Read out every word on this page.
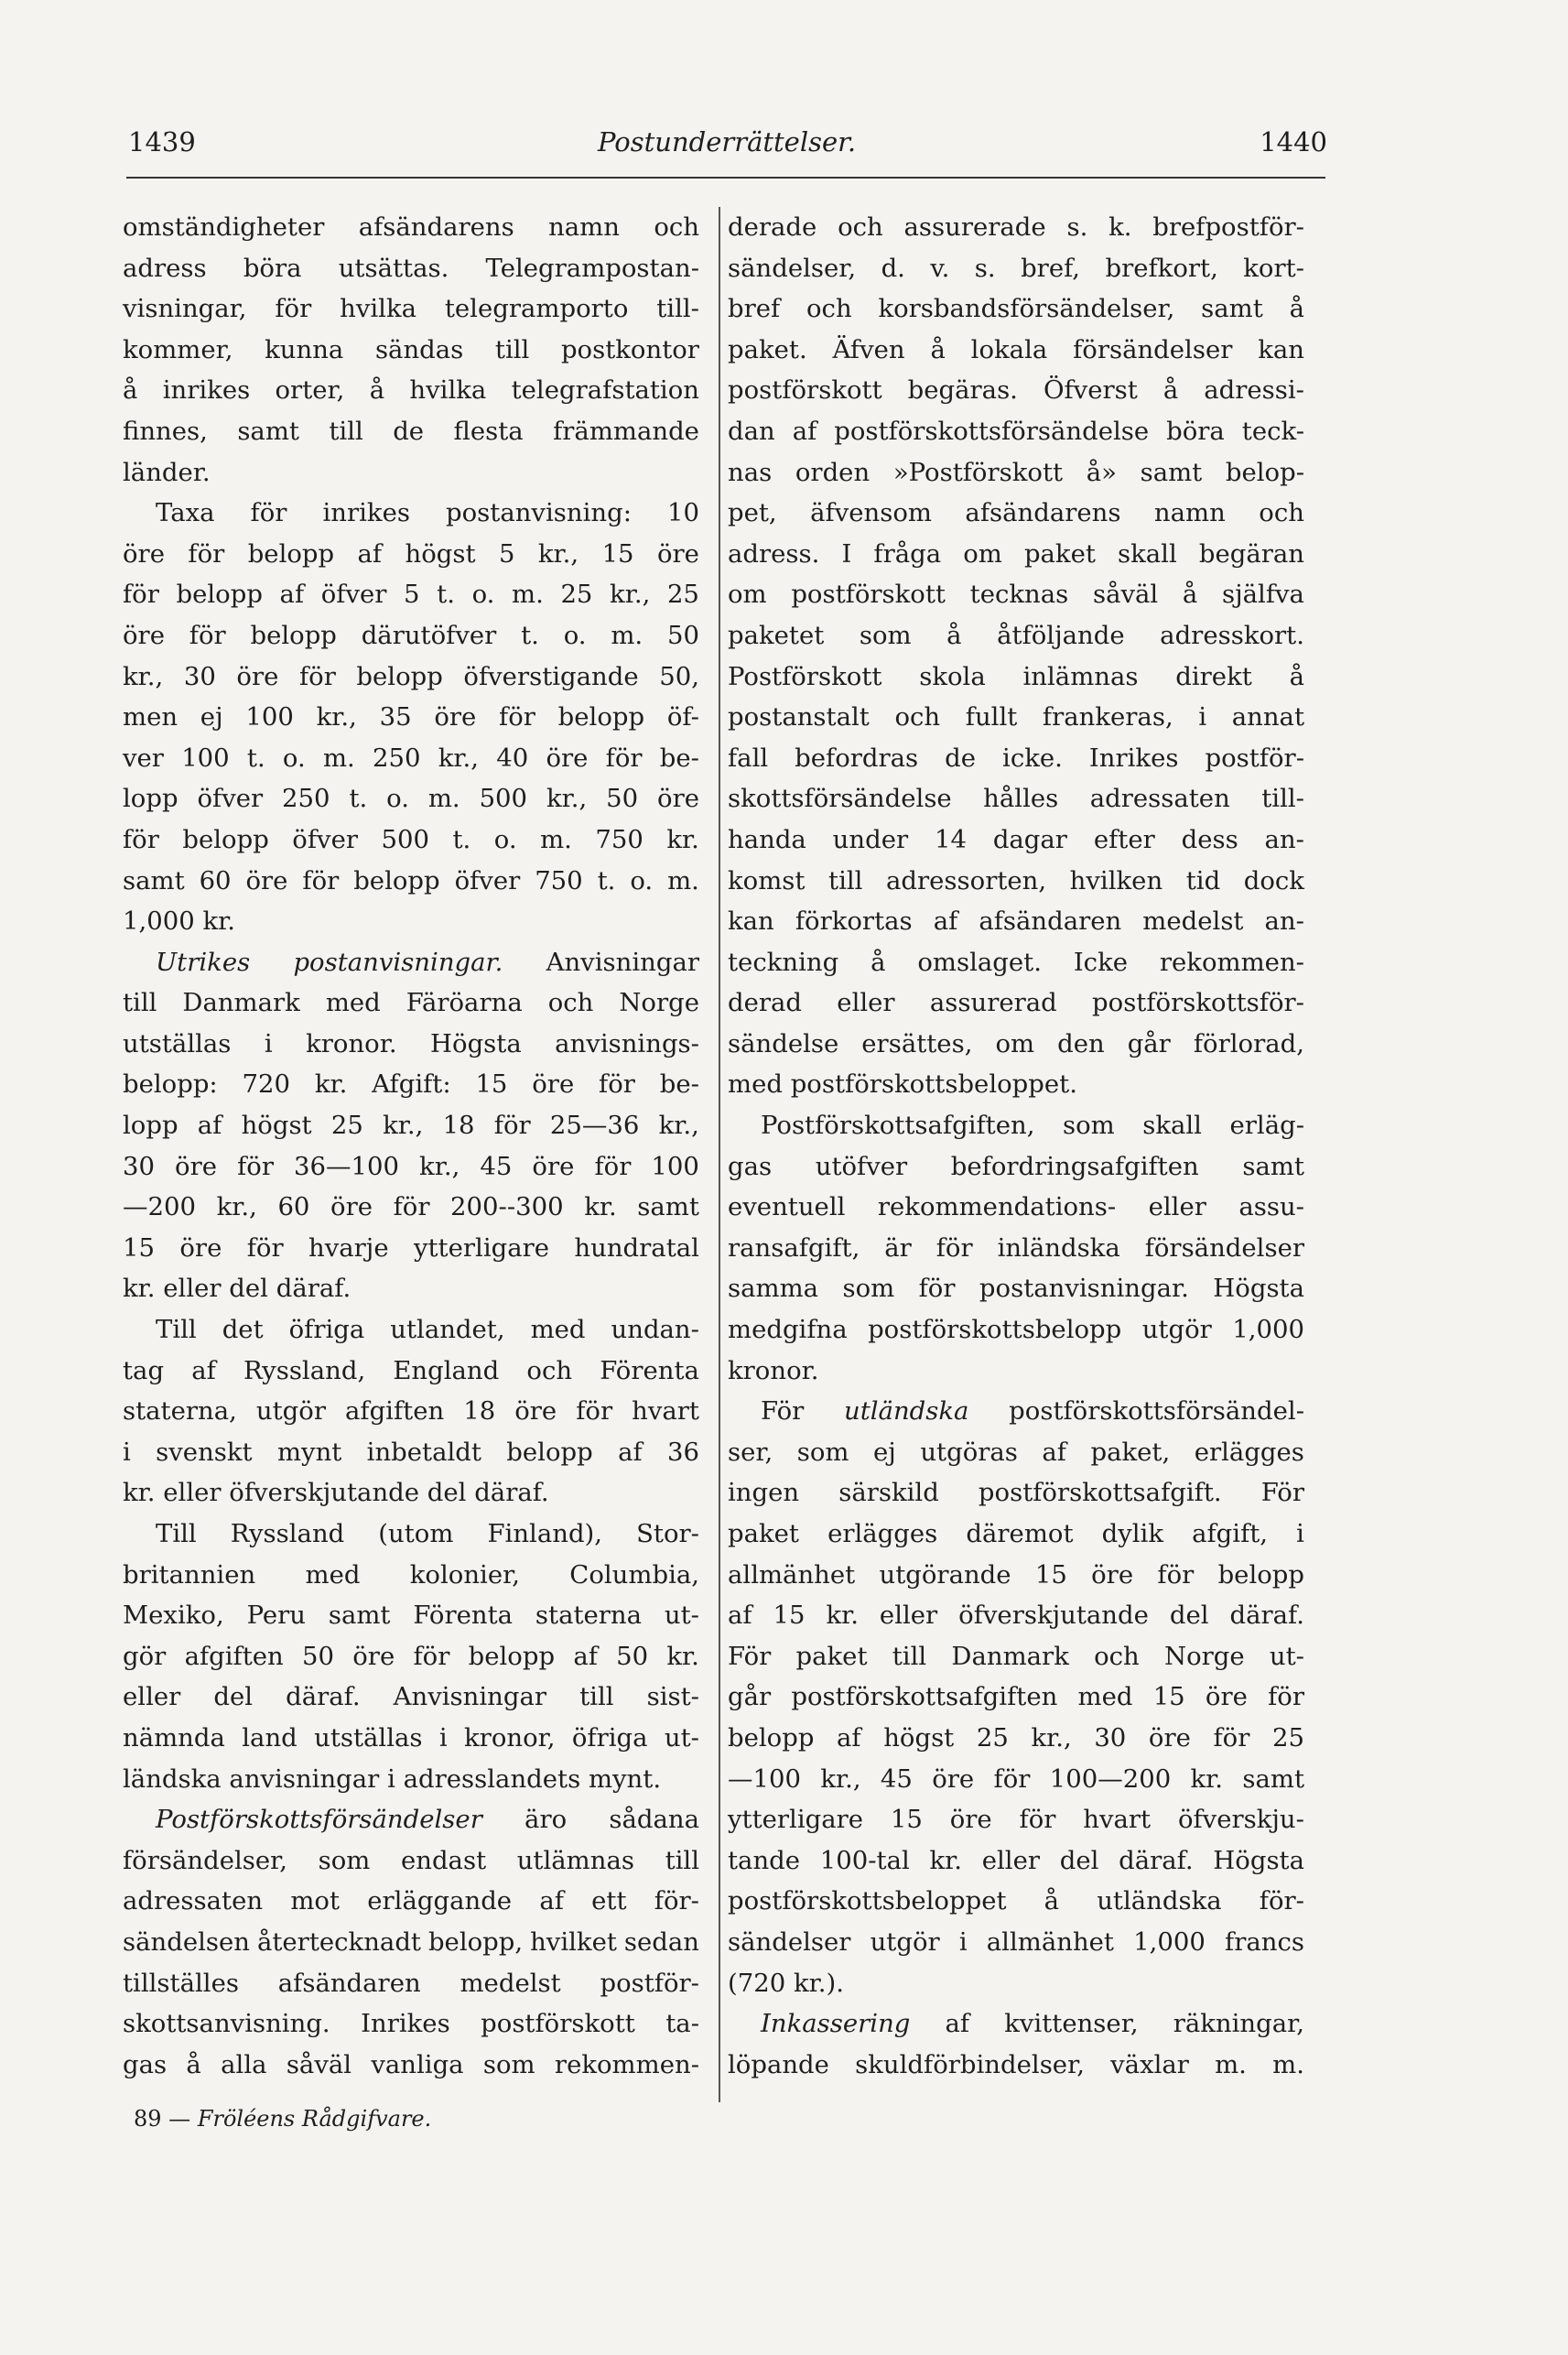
1439	Postunderrättelser.	1440
omständigheter afsändarens namn och
adress böra utsättas. Telegrampostan-
visningar, för hvilka telegramporto till-
kommer, kunna sändas till postkontor
å inrikes orter, å hvilka telegrafstation
finnes, samt till de flesta främmande
länder.
Taxa för inrikes postanvisning: 10
öre för belopp af högst 5 kr., 15 öre
för belopp af öfver 5 t. o. m. 25 kr., 25
öre för belopp därutöfver t. o. m. 50
kr., 30 öre för belopp öfverstigande 50,
men ej 100 kr., 35 öre för belopp öf-
ver 100 t. o. m. 250 kr., 40 öre för be-
lopp öfver 250 t. o. m. 500 kr., 50 öre
för belopp öfver 500 t. o. m. 750 kr.
samt 60 öre för belopp öfver 750 t. o. m.
1,000 kr.
Utrikes postanvisningar. Anvisningar
till Danmark med Färöarna och Norge
utställas i kronor. Högsta anvisnings-
belopp: 720 kr. Afgift: 15 öre för be-
lopp af högst 25 kr., 18 för 25—36 kr.,
30 öre för 36—100 kr., 45 öre för 100
—200 kr., 60 öre för 200--300 kr. samt
15 öre för hvarje ytterligare hundratal
kr. eller del däraf.
Till det öfriga utlandet, med undan-
tag af Ryssland, England och Förenta
staterna, utgör afgiften 18 öre för hvart
i svenskt mynt inbetaldt belopp af 36
kr. eller öfverskjutande del däraf.
Till Ryssland (utom Finland), Stor-
britannien med kolonier, Columbia,
Mexiko, Peru samt Förenta staterna ut-
gör afgiften 50 öre för belopp af 50 kr.
eller del däraf. Anvisningar till sist-
nämnda land utställas i kronor, öfriga ut-
ländska anvisningar i adresslandets mynt.
Postförskottsförsändelser äro sådana
försändelser, som endast utlämnas till
adressaten mot erläggande af ett för-
sändelsen återtecknadt belopp, hvilket sedan
tillställes afsändaren medelst postför-
skottsanvisning. Inrikes postförskott ta-
gas å alla såväl vanliga som rekommen-
derade och assurerade s. k. brefpostför-
sändelser, d. v. s. bref, brefkort, kort-
bref och korsbandsförsändelser, samt å
paket. Äfven å lokala försändelser kan
postförskott begäras. Öfverst å adressi-
dan af postförskottsförsändelse böra teck-
nas orden »Postförskott å» samt belop-
pet, äfvensom afsändarens namn och
adress. I fråga om paket skall begäran
om postförskott tecknas såväl å själfva
paketet som å åtföljande adresskort.
Postförskott skola inlämnas direkt å
postanstalt och fullt frankeras, i annat
fall befordras de icke. Inrikes postför-
skottsförsändelse hålles adressaten till-
handa under 14 dagar efter dess an-
komst till adressorten, hvilken tid dock
kan förkortas af afsändaren medelst an-
teckning å omslaget. Icke rekommen-
derad eller assurerad postförskottsför-
sändelse ersättes, om den går förlorad,
med postförskottsbeloppet.
Postförskottsafgiften, som skall erläg-
gas utöfver befordringsafgiften samt
eventuell rekommendations- eller assu-
ransafgift, är för inländska försändelser
samma som för postanvisningar. Högsta
medgifna postförskottsbelopp utgör 1,000
kronor.
För utländska postförskottsförsändel-
ser, som ej utgöras af paket, erlägges
ingen särskild postförskottsafgift. För
paket erlägges däremot dylik afgift, i
allmänhet utgörande 15 öre för belopp
af 15 kr. eller öfverskjutande del däraf.
För paket till Danmark och Norge ut-
går postförskottsafgiften med 15 öre för
belopp af högst 25 kr., 30 öre för 25
—100 kr., 45 öre för 100—200 kr. samt
ytterligare 15 öre för hvart öfverskju-
tande 100-tal kr. eller del däraf. Högsta
postförskottsbeloppet å utländska för-
sändelser utgör i allmänhet 1,000 francs
(720 kr.).
Inkassering af kvittenser, räkningar,
löpande skuldförbindelser, växlar m. m.
89 — Fröléens Rådgifvare.
